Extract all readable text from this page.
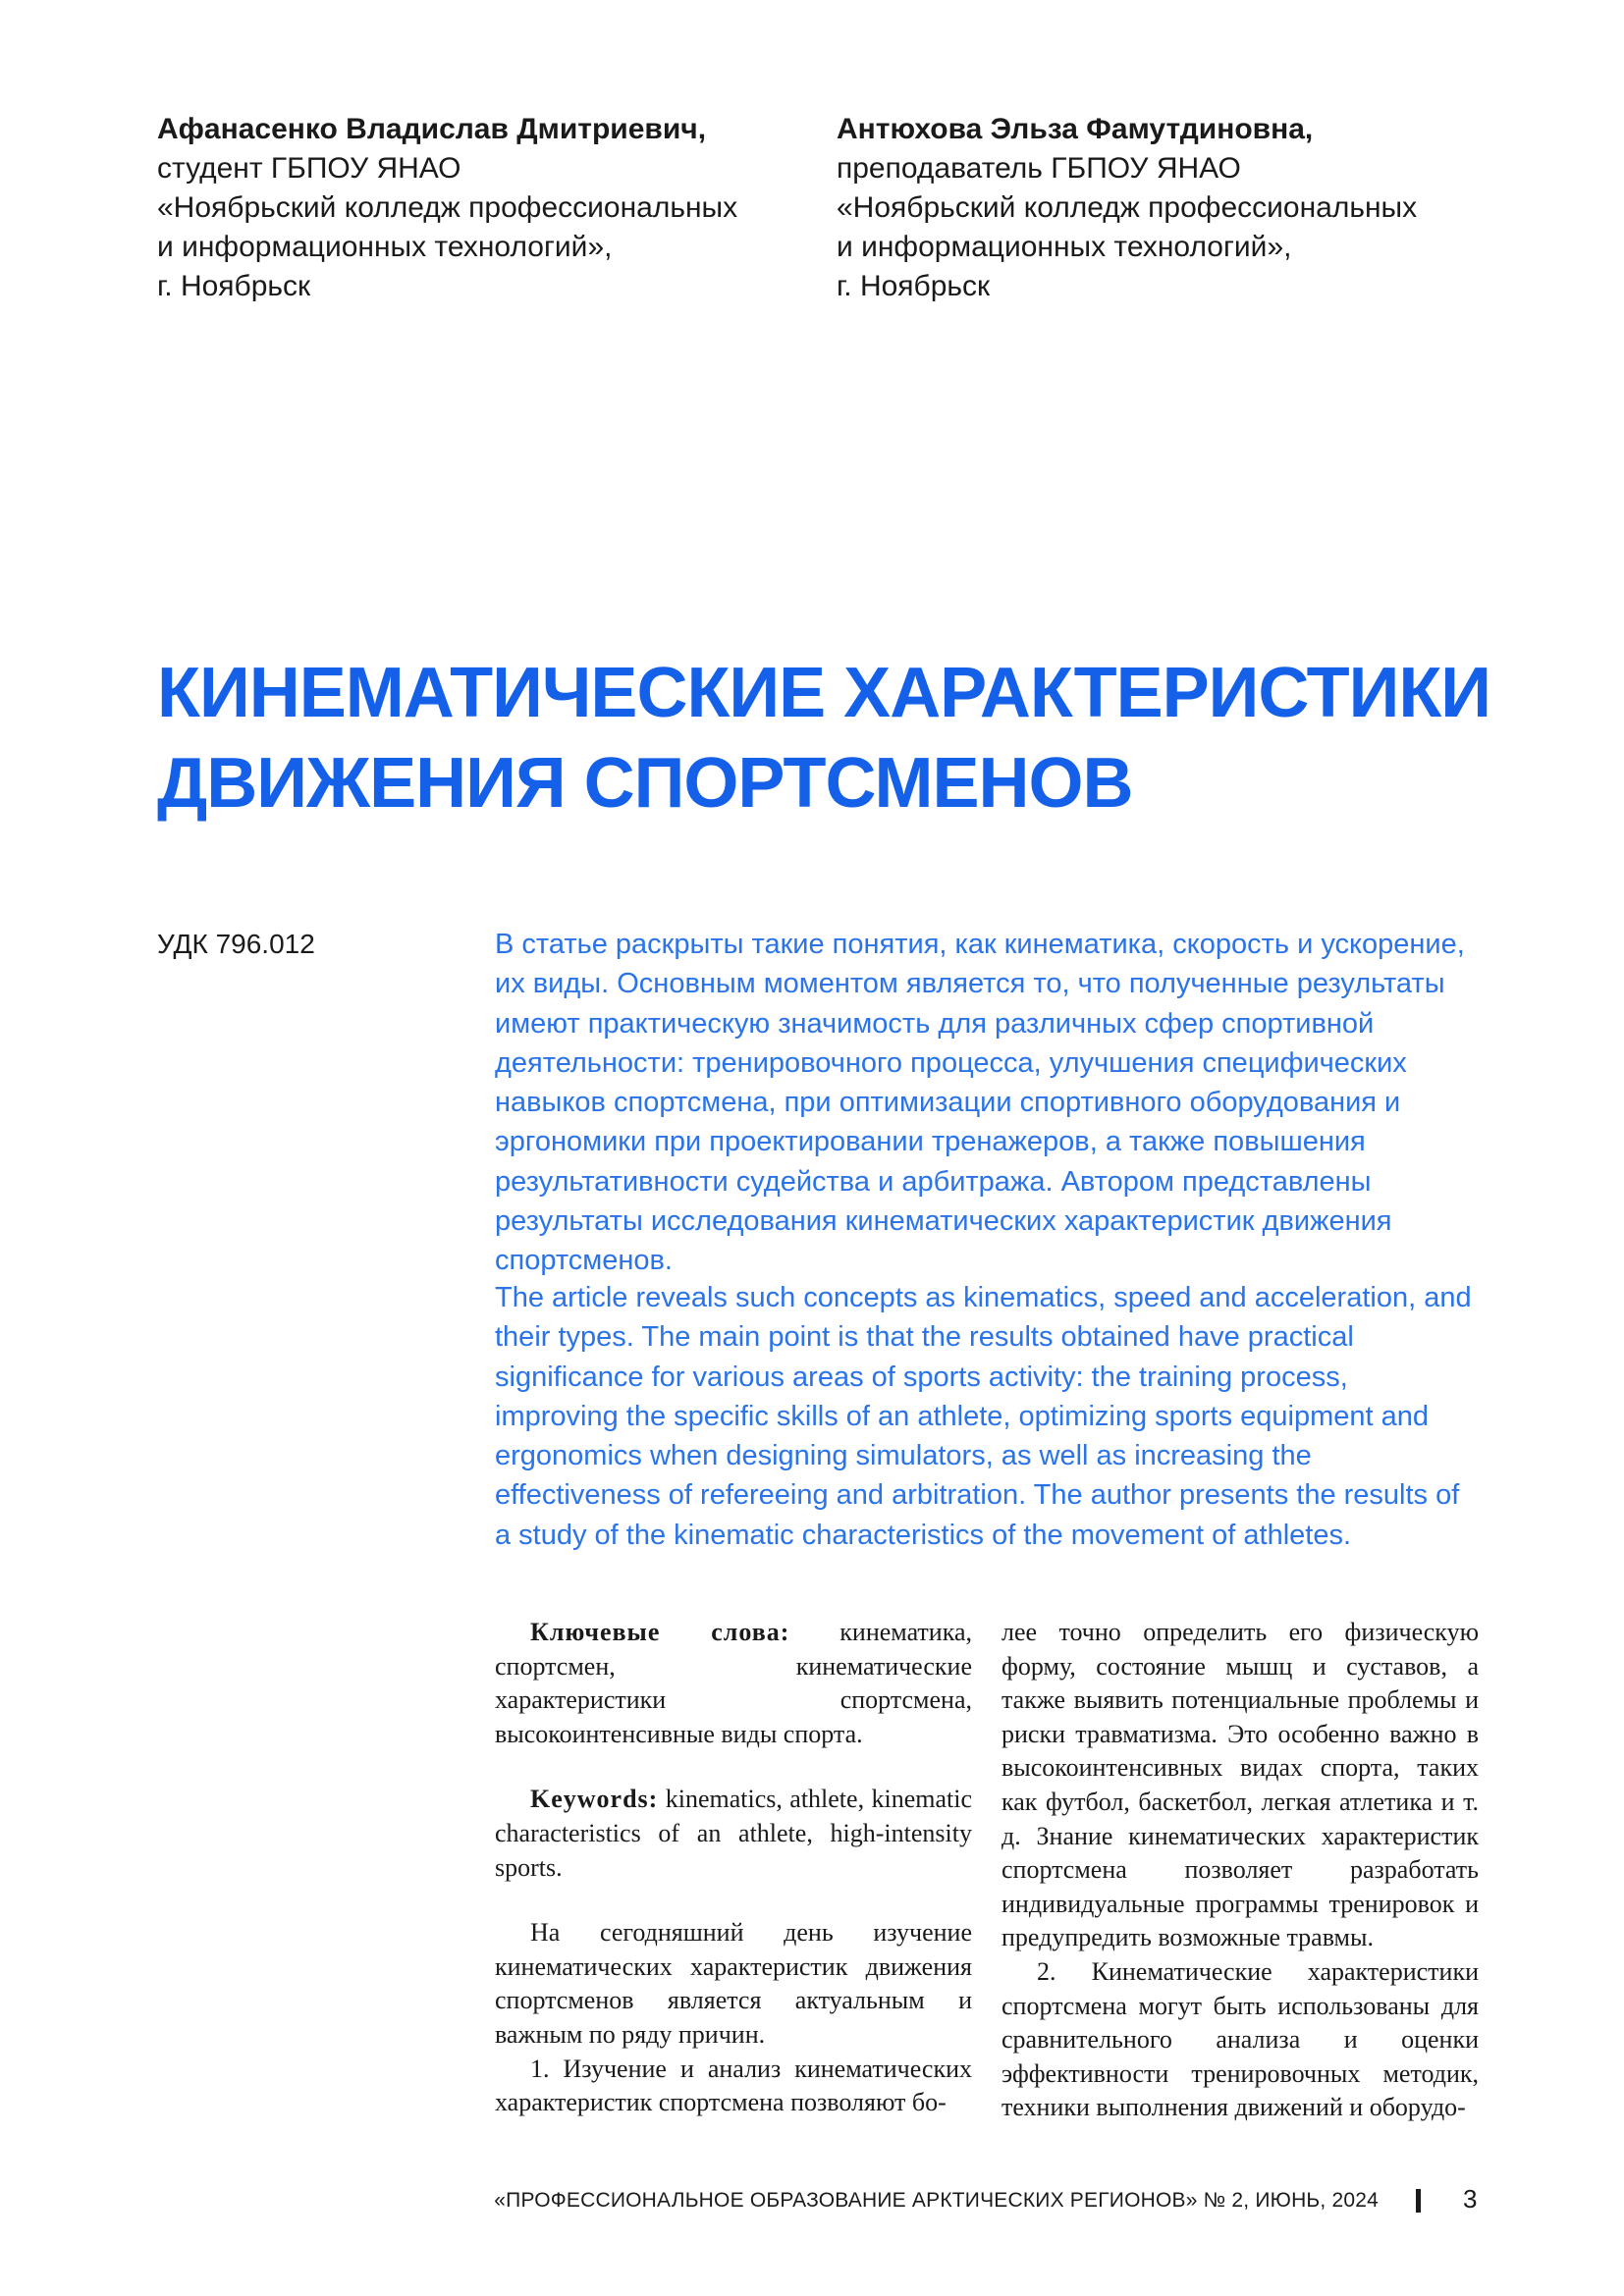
Афанасенко Владислав Дмитриевич,
студент ГБПОУ ЯНАО
«Ноябрьский колледж профессиональных
и информационных технологий»,
г. Ноябрьск
Антюхова Эльза Фамутдиновна,
преподаватель ГБПОУ ЯНАО
«Ноябрьский колледж профессиональных
и информационных технологий»,
г. Ноябрьск
КИНЕМАТИЧЕСКИЕ ХАРАКТЕРИСТИКИ
ДВИЖЕНИЯ СПОРТСМЕНОВ
УДК 796.012	В статье раскрыты такие понятия, как кинематика, скорость и ускорение, их виды. Основным моментом является то, что полученные результаты имеют практическую значимость для различных сфер спортивной деятельности: тренировочного процесса, улучшения специфических навыков спортсмена, при оптимизации спортивного оборудования и эргономики при проектировании тренажеров, а также повышения результативности судейства и арбитража. Автором представлены результаты исследования кинематических характеристик движения спортсменов.
The article reveals such concepts as kinematics, speed and acceleration, and their types. The main point is that the results obtained have practical significance for various areas of sports activity: the training process, improving the specific skills of an athlete, optimizing sports equipment and ergonomics when designing simulators, as well as increasing the effectiveness of refereeing and arbitration. The author presents the results of a study of the kinematic characteristics of the movement of athletes.

Ключевые слова: кинематика, спортсмен, кинематические характеристики спортсмена, высокоинтенсивные виды спорта.

Keywords: kinematics, athlete, kinematic characteristics of an athlete, high-intensity sports.

На сегодняшний день изучение кинематических характеристик движения спортсменов является актуальным и важным по ряду причин.

1. Изучение и анализ кинематических характеристик спортсмена позволяют бо-

лее точно определить его физическую форму, состояние мышц и суставов, а также выявить потенциальные проблемы и риски травматизма. Это особенно важно в высокоинтенсивных видах спорта, таких как футбол, баскетбол, легкая атлетика и т. д. Знание кинематических характеристик спортсмена позволяет разработать индивидуальные программы тренировок и предупредить возможные травмы.

2. Кинематические характеристики спортсмена могут быть использованы для сравнительного анализа и оценки эффективности тренировочных методик, техники выполнения движений и оборудо-

«ПРОФЕССИОНАЛЬНОЕ ОБРАЗОВАНИЕ АРКТИЧЕСКИХ РЕГИОНОВ» № 2, ИЮНЬ, 2024	3
